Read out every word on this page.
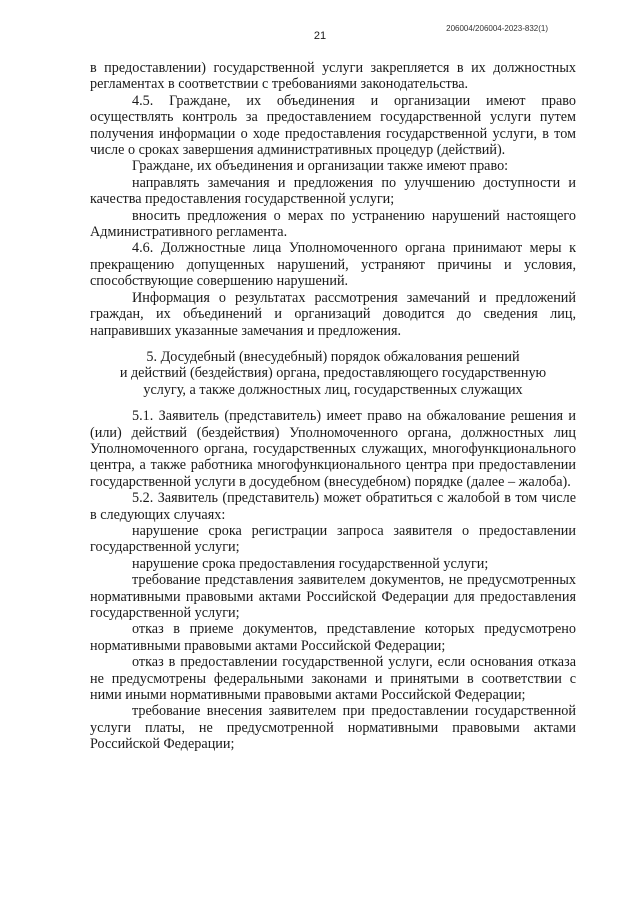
21
206004/206004-2023-832(1)

в предоставлении) государственной услуги закрепляется в их должностных регламентах в соответствии с требованиями законодательства.

4.5. Граждане, их объединения и организации имеют право осуществлять контроль за предоставлением государственной услуги путем получения информации о ходе предоставления государственной услуги, в том числе о сроках завершения административных процедур (действий).

Граждане, их объединения и организации также имеют право:

направлять замечания и предложения по улучшению доступности и качества предоставления государственной услуги;

вносить предложения о мерах по устранению нарушений настоящего Административного регламента.

4.6. Должностные лица Уполномоченного органа принимают меры к прекращению допущенных нарушений, устраняют причины и условия, способствующие совершению нарушений.

Информация о результатах рассмотрения замечаний и предложений граждан, их объединений и организаций доводится до сведения лиц, направивших указанные замечания и предложения.

5. Досудебный (внесудебный) порядок обжалования решений
и действий (бездействия) органа, предоставляющего государственную
услугу, а также должностных лиц, государственных служащих

5.1. Заявитель (представитель) имеет право на обжалование решения и (или) действий (бездействия) Уполномоченного органа, должностных лиц Уполномоченного органа, государственных служащих, многофункционального центра, а также работника многофункционального центра при предоставлении государственной услуги в досудебном (внесудебном) порядке (далее – жалоба).

5.2. Заявитель (представитель) может обратиться с жалобой в том числе в следующих случаях:

нарушение срока регистрации запроса заявителя о предоставлении государственной услуги;

нарушение срока предоставления государственной услуги;

требование представления заявителем документов, не предусмотренных нормативными правовыми актами Российской Федерации для предоставления государственной услуги;

отказ в приеме документов, представление которых предусмотрено нормативными правовыми актами Российской Федерации;

отказ в предоставлении государственной услуги, если основания отказа не предусмотрены федеральными законами и принятыми в соответствии с ними иными нормативными правовыми актами Российской Федерации;

требование внесения заявителем при предоставлении государственной услуги платы, не предусмотренной нормативными правовыми актами Российской Федерации;
